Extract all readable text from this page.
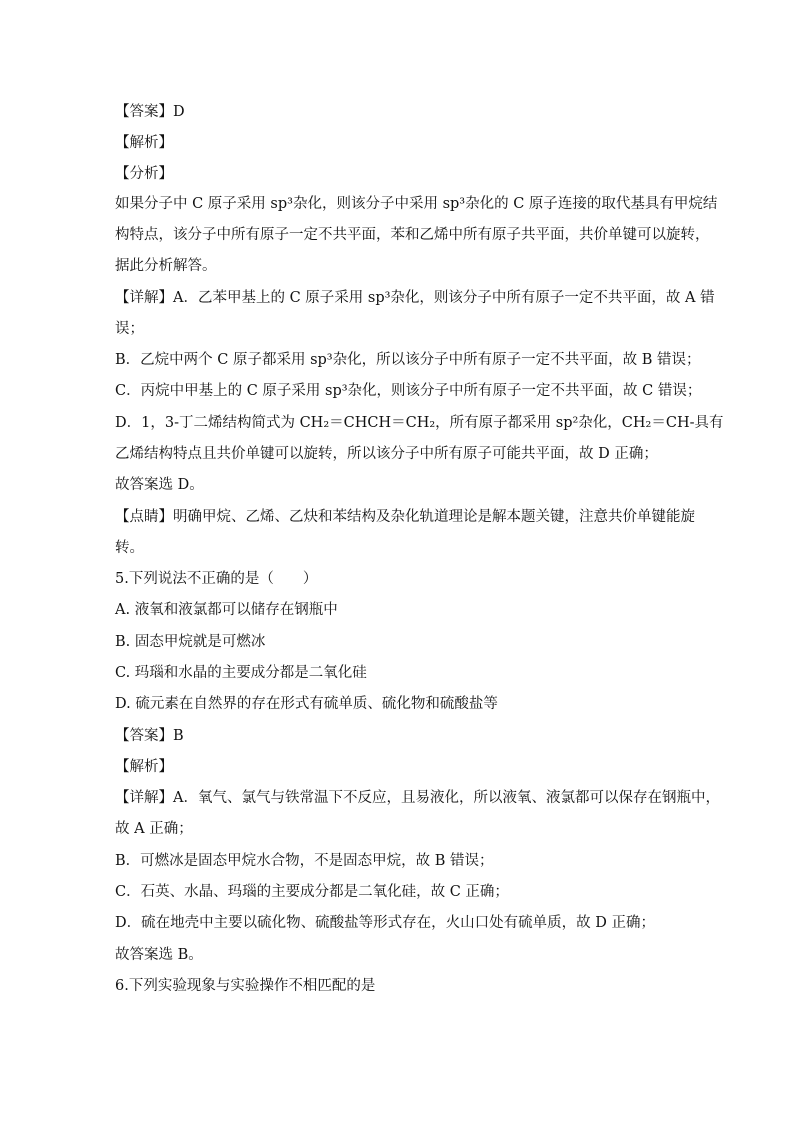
【答案】D
【解析】
【分析】
如果分子中 C 原子采用 sp³杂化，则该分子中采用 sp³杂化的 C 原子连接的取代基具有甲烷结
构特点，该分子中所有原子一定不共平面，苯和乙烯中所有原子共平面，共价单键可以旋转，
据此分析解答。
【详解】A．乙苯甲基上的 C 原子采用 sp³杂化，则该分子中所有原子一定不共平面，故 A 错
误；
B．乙烷中两个 C 原子都采用 sp³杂化，所以该分子中所有原子一定不共平面，故 B 错误；
C．丙烷中甲基上的 C 原子采用 sp³杂化，则该分子中所有原子一定不共平面，故 C 错误；
D．1，3-丁二烯结构简式为 CH₂＝CHCH＝CH₂，所有原子都采用 sp²杂化，CH₂＝CH-具有
乙烯结构特点且共价单键可以旋转，所以该分子中所有原子可能共平面，故 D 正确；
故答案选 D。
【点睛】明确甲烷、乙烯、乙炔和苯结构及杂化轨道理论是解本题关键，注意共价单键能旋
转。
5.下列说法不正确的是（　　）
A. 液氧和液氯都可以储存在钢瓶中
B. 固态甲烷就是可燃冰
C. 玛瑙和水晶的主要成分都是二氧化硅
D. 硫元素在自然界的存在形式有硫单质、硫化物和硫酸盐等
【答案】B
【解析】
【详解】A．氧气、氯气与铁常温下不反应，且易液化，所以液氧、液氯都可以保存在钢瓶中，
故 A 正确；
B．可燃冰是固态甲烷水合物，不是固态甲烷，故 B 错误；
C．石英、水晶、玛瑙的主要成分都是二氧化硅，故 C 正确；
D．硫在地壳中主要以硫化物、硫酸盐等形式存在，火山口处有硫单质，故 D 正确；
故答案选 B。
6.下列实验现象与实验操作不相匹配的是
